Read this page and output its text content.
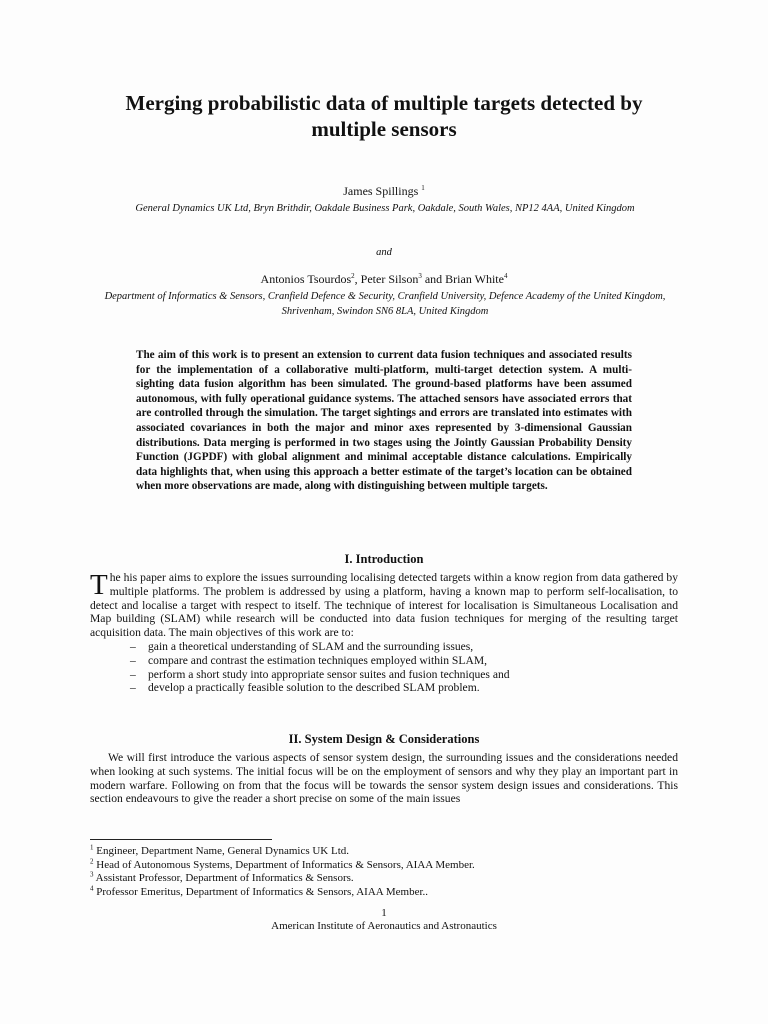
Merging probabilistic data of multiple targets detected by multiple sensors
James Spillings $^1$
General Dynamics UK Ltd, Bryn Brithdir, Oakdale Business Park, Oakdale, South Wales, NP12 4AA, United Kingdom
and
Antonios Tsourdos$^2$, Peter Silson$^3$ and Brian White$^4$
Department of Informatics & Sensors, Cranfield Defence & Security, Cranfield University, Defence Academy of the United Kingdom, Shrivenham, Swindon SN6 8LA, United Kingdom
The aim of this work is to present an extension to current data fusion techniques and associated results for the implementation of a collaborative multi-platform, multi-target detection system. A multi-sighting data fusion algorithm has been simulated. The ground-based platforms have been assumed autonomous, with fully operational guidance systems. The attached sensors have associated errors that are controlled through the simulation. The target sightings and errors are translated into estimates with associated covariances in both the major and minor axes represented by 3-dimensional Gaussian distributions. Data merging is performed in two stages using the Jointly Gaussian Probability Density Function (JGPDF) with global alignment and minimal acceptable distance calculations. Empirically data highlights that, when using this approach a better estimate of the target’s location can be obtained when more observations are made, along with distinguishing between multiple targets.
I. Introduction
The his paper aims to explore the issues surrounding localising detected targets within a know region from data gathered by multiple platforms. The problem is addressed by using a platform, having a known map to perform self-localisation, to detect and localise a target with respect to itself. The technique of interest for localisation is Simultaneous Localisation and Map building (SLAM) while research will be conducted into data fusion techniques for merging of the resulting target acquisition data. The main objectives of this work are to:
– gain a theoretical understanding of SLAM and the surrounding issues,
– compare and contrast the estimation techniques employed within SLAM,
– perform a short study into appropriate sensor suites and fusion techniques and
– develop a practically feasible solution to the described SLAM problem.
II. System Design & Considerations
We will first introduce the various aspects of sensor system design, the surrounding issues and the considerations needed when looking at such systems. The initial focus will be on the employment of sensors and why they play an important part in modern warfare. Following on from that the focus will be towards the sensor system design issues and considerations. This section endeavours to give the reader a short precise on some of the main issues
$^1$ Engineer, Department Name, General Dynamics UK Ltd.
$^2$ Head of Autonomous Systems, Department of Informatics & Sensors, AIAA Member.
$^3$ Assistant Professor, Department of Informatics & Sensors.
$^4$ Professor Emeritus, Department of Informatics & Sensors, AIAA Member..
1
American Institute of Aeronautics and Astronautics
